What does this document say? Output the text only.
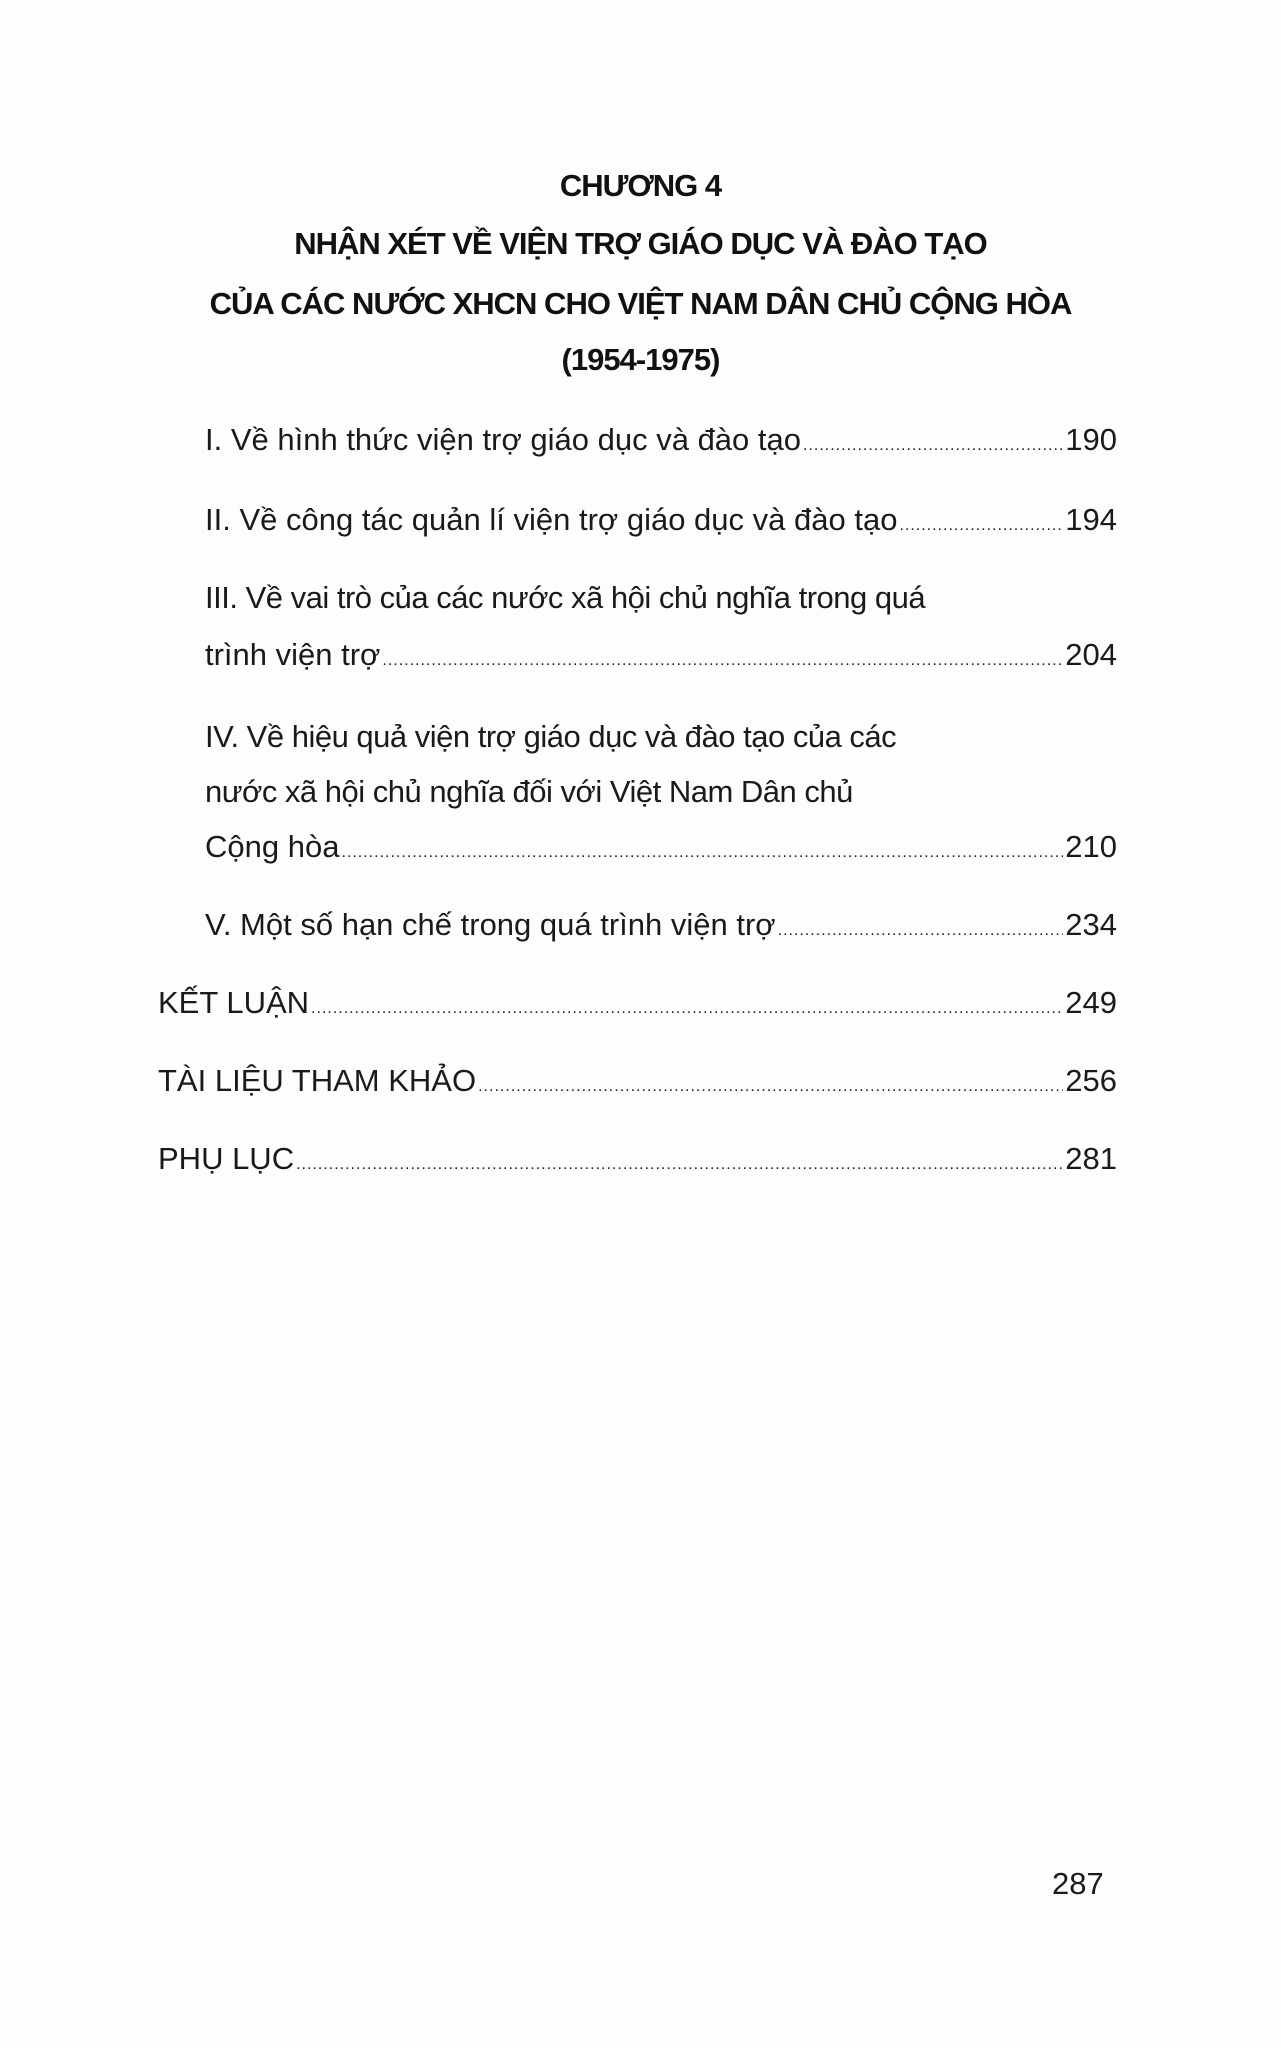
CHƯƠNG 4
NHẬN XÉT VỀ VIỆN TRỢ GIÁO DỤC VÀ ĐÀO TẠO
CỦA CÁC NƯỚC XHCN CHO VIỆT NAM DÂN CHỦ CỘNG HÒA
(1954-1975)
I. Về hình thức viện trợ giáo dục và đào tạo .....	190
II. Về công tác quản lí viện trợ giáo dục và đào tạo .....	194
III. Về vai trò của các nước xã hội chủ nghĩa trong quá
trình viện trợ .....	204
IV. Về hiệu quả viện trợ giáo dục và đào tạo của các
nước xã hội chủ nghĩa đối với Việt Nam Dân chủ
Cộng hòa .....	210
V. Một số hạn chế trong quá trình viện trợ .....	234
KẾT LUẬN .....	249
TÀI LIỆU THAM KHẢO .....	256
PHỤ LỤC .....	281
287
